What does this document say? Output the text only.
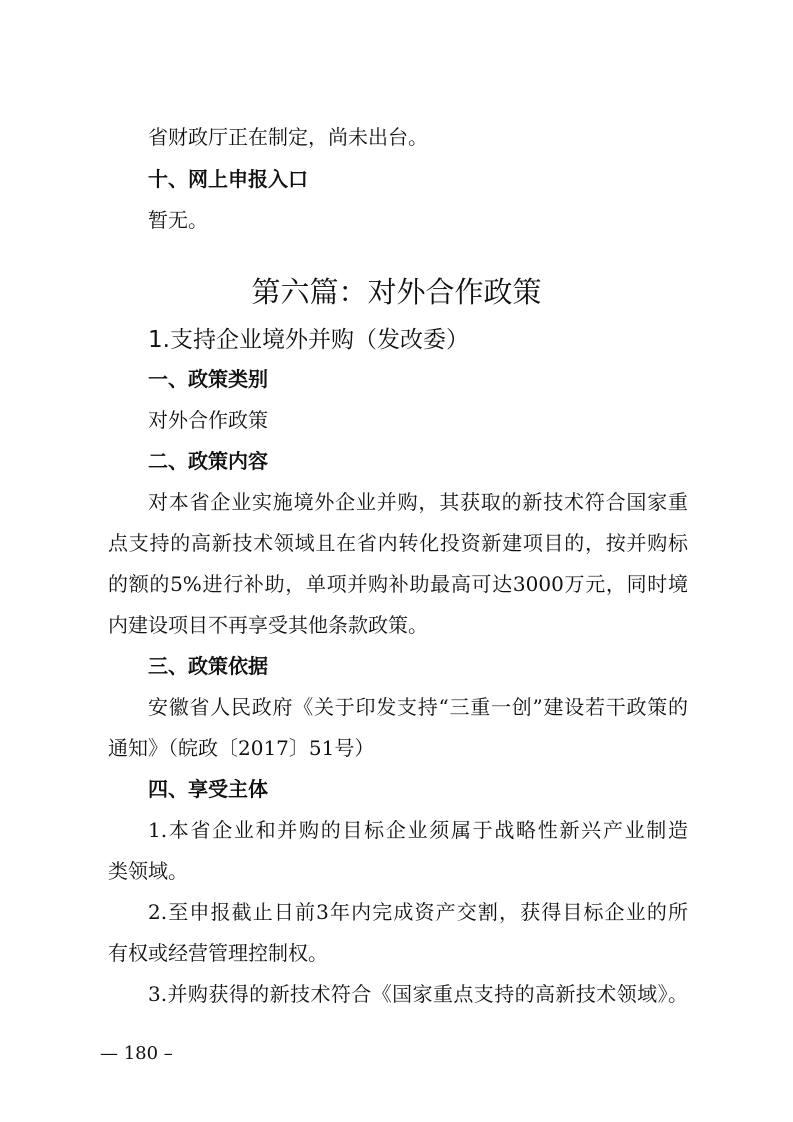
省财政厅正在制定，尚未出台。
十、网上申报入口
暂无。
第六篇：对外合作政策
1.支持企业境外并购（发改委）
一、政策类别
对外合作政策
二、政策内容
对本省企业实施境外企业并购，其获取的新技术符合国家重
点支持的高新技术领域且在省内转化投资新建项目的，按并购标
的额的5%进行补助，单项并购补助最高可达3000万元，同时境
内建设项目不再享受其他条款政策。
三、政策依据
安徽省人民政府《关于印发支持“三重一创”建设若干政策的
通知》（皖政〔2017〕51号）
四、享受主体
1.本省企业和并购的目标企业须属于战略性新兴产业制造
类领域。
2.至申报截止日前3年内完成资产交割，获得目标企业的所
有权或经营管理控制权。
3.并购获得的新技术符合《国家重点支持的高新技术领域》。
— 180 –
